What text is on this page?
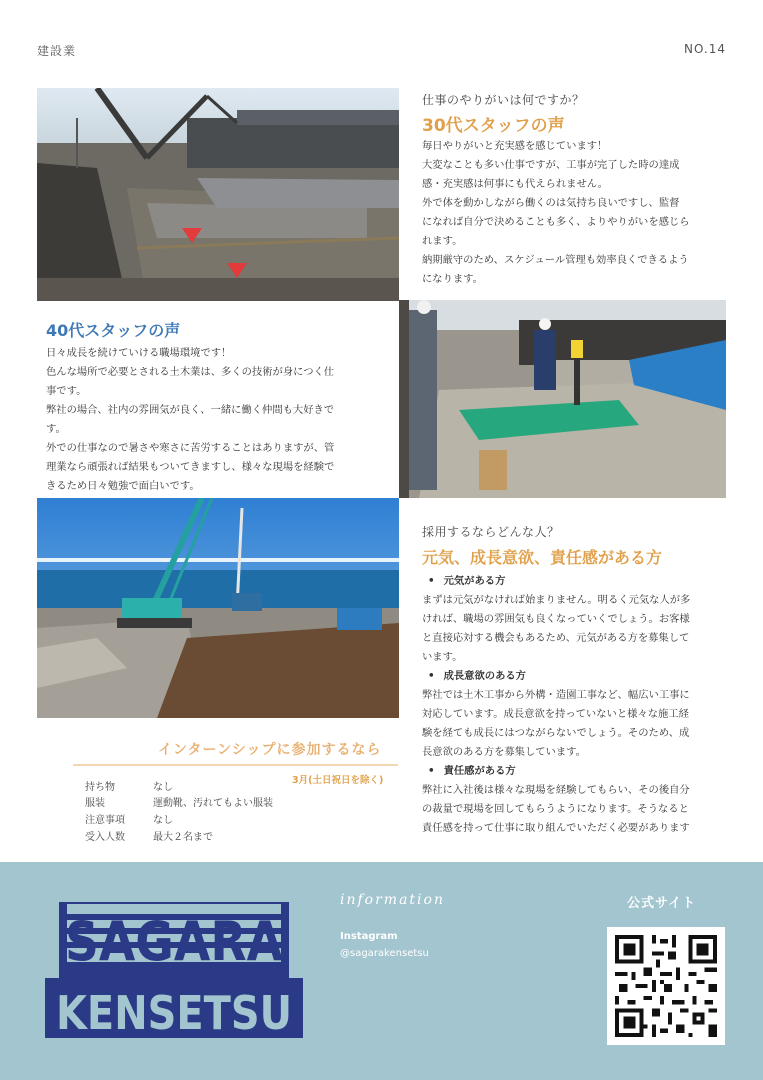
建設業	NO.14
仕事のやりがいは何ですか？
30代スタッフの声

毎日やりがいと充実感を感じています！

大変なことも多い仕事ですが、工事が完了した時の達成

感・充実感は何事にも代えられません。

外で体を動かしながら働くのは気持ち良いですし、監督

になれば自分で決めることも多く、よりやりがいを感じら

れます。

納期厳守のため、スケジュール管理も効率良くできるよう

になります。

40代スタッフの声

日々成長を続けていける職場環境です！

色んな場所で必要とされる土木業は、多くの技術が身につく仕

事です。

弊社の場合、社内の雰囲気が良く、一緒に働く仲間も大好きで

す。

外での仕事なので暑さや寒さに苦労することはありますが、管

理業なら頑張れば結果もついてきますし、様々な現場を経験で

きるため日々勉強で面白いです。

採用するならどんな人？
元気、成長意欲、責任感がある方
• 元気がある方

まずは元気がなければ始まりません。明るく元気な人が多

ければ、職場の雰囲気も良くなっていくでしょう。お客様

と直接応対する機会もあるため、元気がある方を募集して

います。

• 成長意欲のある方

弊社では土木工事から外構・造園工事など、幅広い工事に

対応しています。成長意欲を持っていないと様々な施工経

験を経ても成長にはつながらないでしょう。そのため、成

長意欲のある方を募集しています。

• 責任感がある方

弊社に入社後は様々な現場を経験してもらい、その後自分

の裁量で現場を回してもらうようになります。そうなると

責任感を持って仕事に取り組んでいただく必要があります

インターンシップに参加するなら
3月(土日祝日を除く)
持ち物	なし
服装	運動靴、汚れてもよい服装
注意事項	なし
受入人数	最大２名まで
SAGARA
KENSETSU
information
Instagram
@sagarakensetsu
公式サイト
